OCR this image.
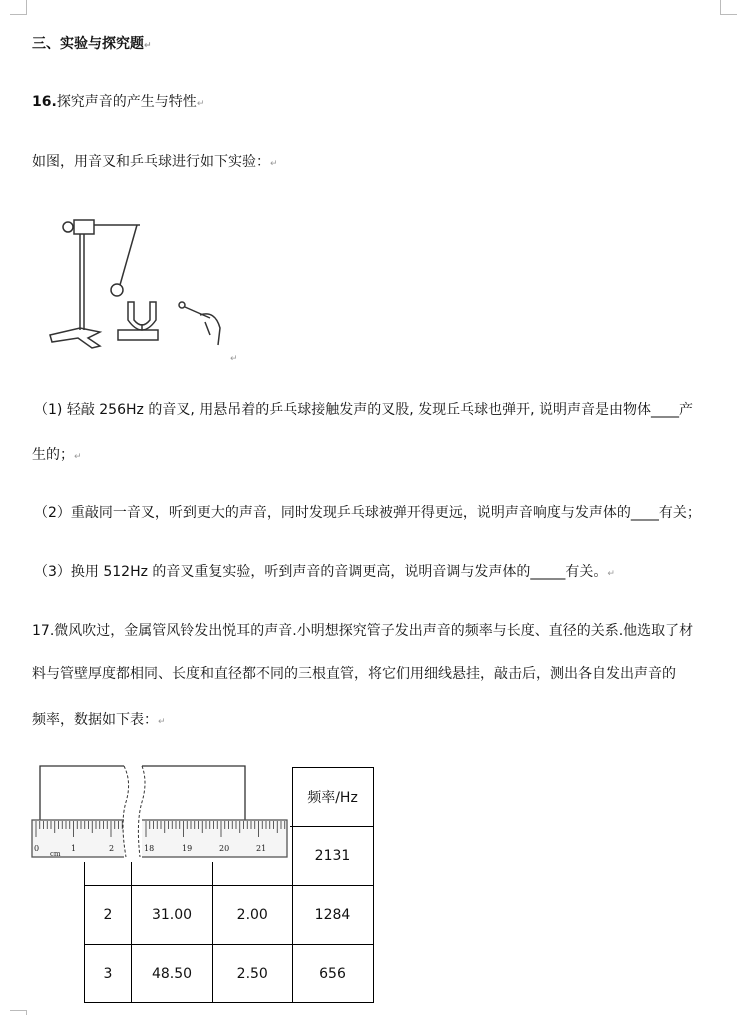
三、实验与探究题↵
16.探究声音的产生与特性↵
如图，用音叉和乒乓球进行如下实验：↵
↵
（1) 轻敲 256Hz 的音叉, 用悬吊着的乒乓球接触发声的叉股, 发现丘乓球也弹开, 说明声音是由物体____产
生的；↵
（2）重敲同一音叉，听到更大的声音，同时发现乒乓球被弹开得更远，说明声音响度与发声体的____有关；
（3）换用 512Hz 的音叉重复实验，听到声音的音调更高，说明音调与发声体的_____有关。↵
17.微风吹过，金属管风铃发出悦耳的声音.小明想探究管子发出声音的频率与长度、直径的关系.他选取了材
料与管壁厚度都相同、长度和直径都不同的三根直管，将它们用细线悬挂，敲击后，测出各自发出声音的
频率，数据如下表：↵
			频率/Hz
			2131
2	31.00	2.00	1284
3	48.50	2.50	656
0	1	2	18	19	20	21
cm
